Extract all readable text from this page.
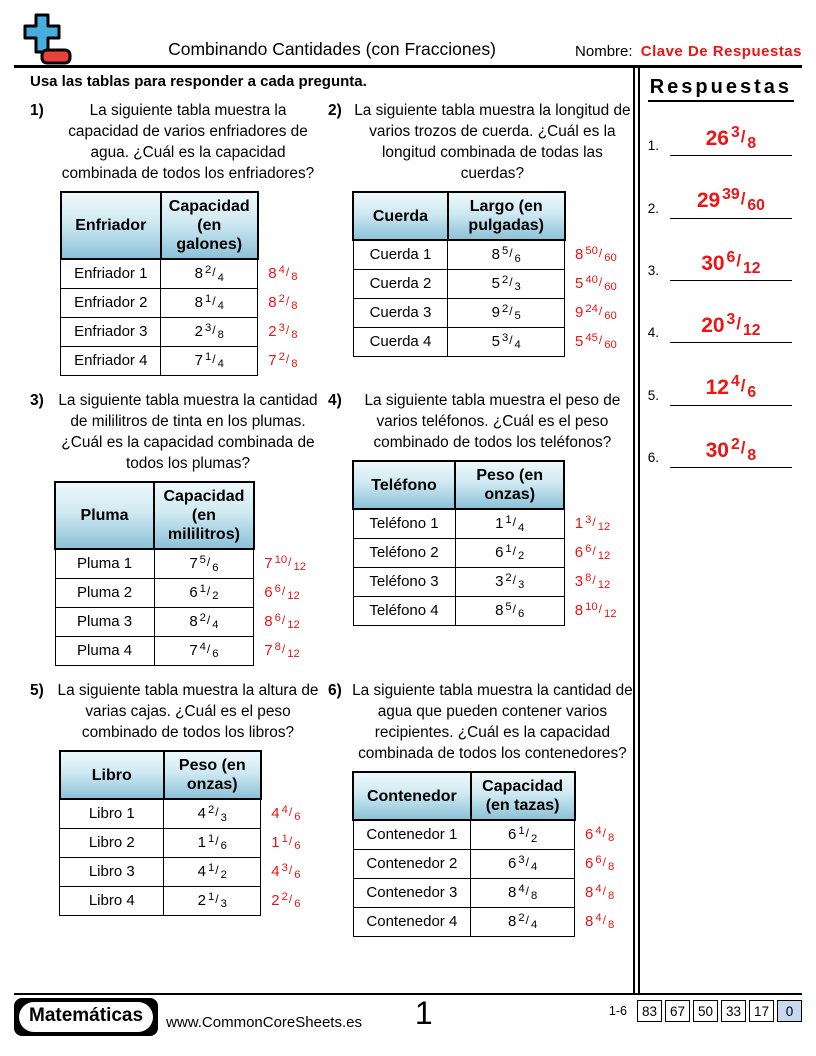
Combinando Cantidades (con Fracciones)	Nombre: Clave De Respuestas
Usa las tablas para responder a cada pregunta.
1)	La siguiente tabla muestra la capacidad de varios enfriadores de agua. ¿Cuál es la capacidad combinada de todos los enfriadores?

Enfriador	Capacidad (en galones)	
Enfriador 1	8 $^2$/ 4	8 $^4$/ 8
Enfriador 2	8 $^1$/ 4	8 $^2$/ 8
Enfriador 3	2 $^3$/ 8	2 $^3$/ 8
Enfriador 4	7 $^1$/ 4	7 $^2$/ 8
2) La siguiente tabla muestra la longitud de varios trozos de cuerda. ¿Cuál es la longitud combinada de todas las cuerdas?

Cuerda	Largo (en pulgadas)	
Cuerda 1	8 $^5$/ 6	8 $^{50}$/ 60
Cuerda 2	5 $^2$/ 3	5 $^{40}$/ 60
Cuerda 3	9 $^2$/ 5	9 $^{24}$/ 60
Cuerda 4	5 $^3$/ 4	5 $^{45}$/ 60
3) La siguiente tabla muestra la cantidad de mililitros de tinta en los plumas. ¿Cuál es la capacidad combinada de todos los plumas?

Pluma	Capacidad (en mililitros)	
Pluma 1	7 $^5$/ 6	7 $^{10}$/ 12
Pluma 2	6 $^1$/ 2	6 $^6$/ 12
Pluma 3	8 $^2$/ 4	8 $^6$/ 12
Pluma 4	7 $^4$/ 6	7 $^8$/ 12
4)	La siguiente tabla muestra el peso de varios teléfonos. ¿Cuál es el peso combinado de todos los teléfonos?

Teléfono	Peso (en onzas)	
Teléfono 1	1 $^1$/ 4	1 $^3$/ 12
Teléfono 2	6 $^1$/ 2	6 $^6$/ 12
Teléfono 3	3 $^2$/ 3	3 $^8$/ 12
Teléfono 4	8 $^5$/ 6	8 $^{10}$/ 12
5) La siguiente tabla muestra la altura de varias cajas. ¿Cuál es el peso combinado de todos los libros?

Libro	Peso (en onzas)	
Libro 1	4 $^2$/ 3	4 $^4$/ 6
Libro 2	1 $^1$/ 6	1 $^1$/ 6
Libro 3	4 $^1$/ 2	4 $^3$/ 6
Libro 4	2 $^1$/ 3	2 $^2$/ 6
6) La siguiente tabla muestra la cantidad de agua que pueden contener varios recipientes. ¿Cuál es la capacidad combinada de todos los contenedores?

Contenedor	Capacidad (en tazas)	
Contenedor 1	6 $^1$/ 2	6 $^4$/ 8
Contenedor 2	6 $^3$/ 4	6 $^6$/ 8
Contenedor 3	8 $^4$/ 8	8 $^4$/ 8
Contenedor 4	8 $^2$/ 4	8 $^4$/ 8
Respuestas
1.	26 $^3$/ 8
2.	29 $^{39}$/ 60
3.	30 $^6$/ 12
4.	20 $^3$/ 12
5.	12 $^4$/ 6
6.	30 $^2$/ 8
Matemáticas	www.CommonCoreSheets.es 1	1-6	83 67 50 33 17	0
